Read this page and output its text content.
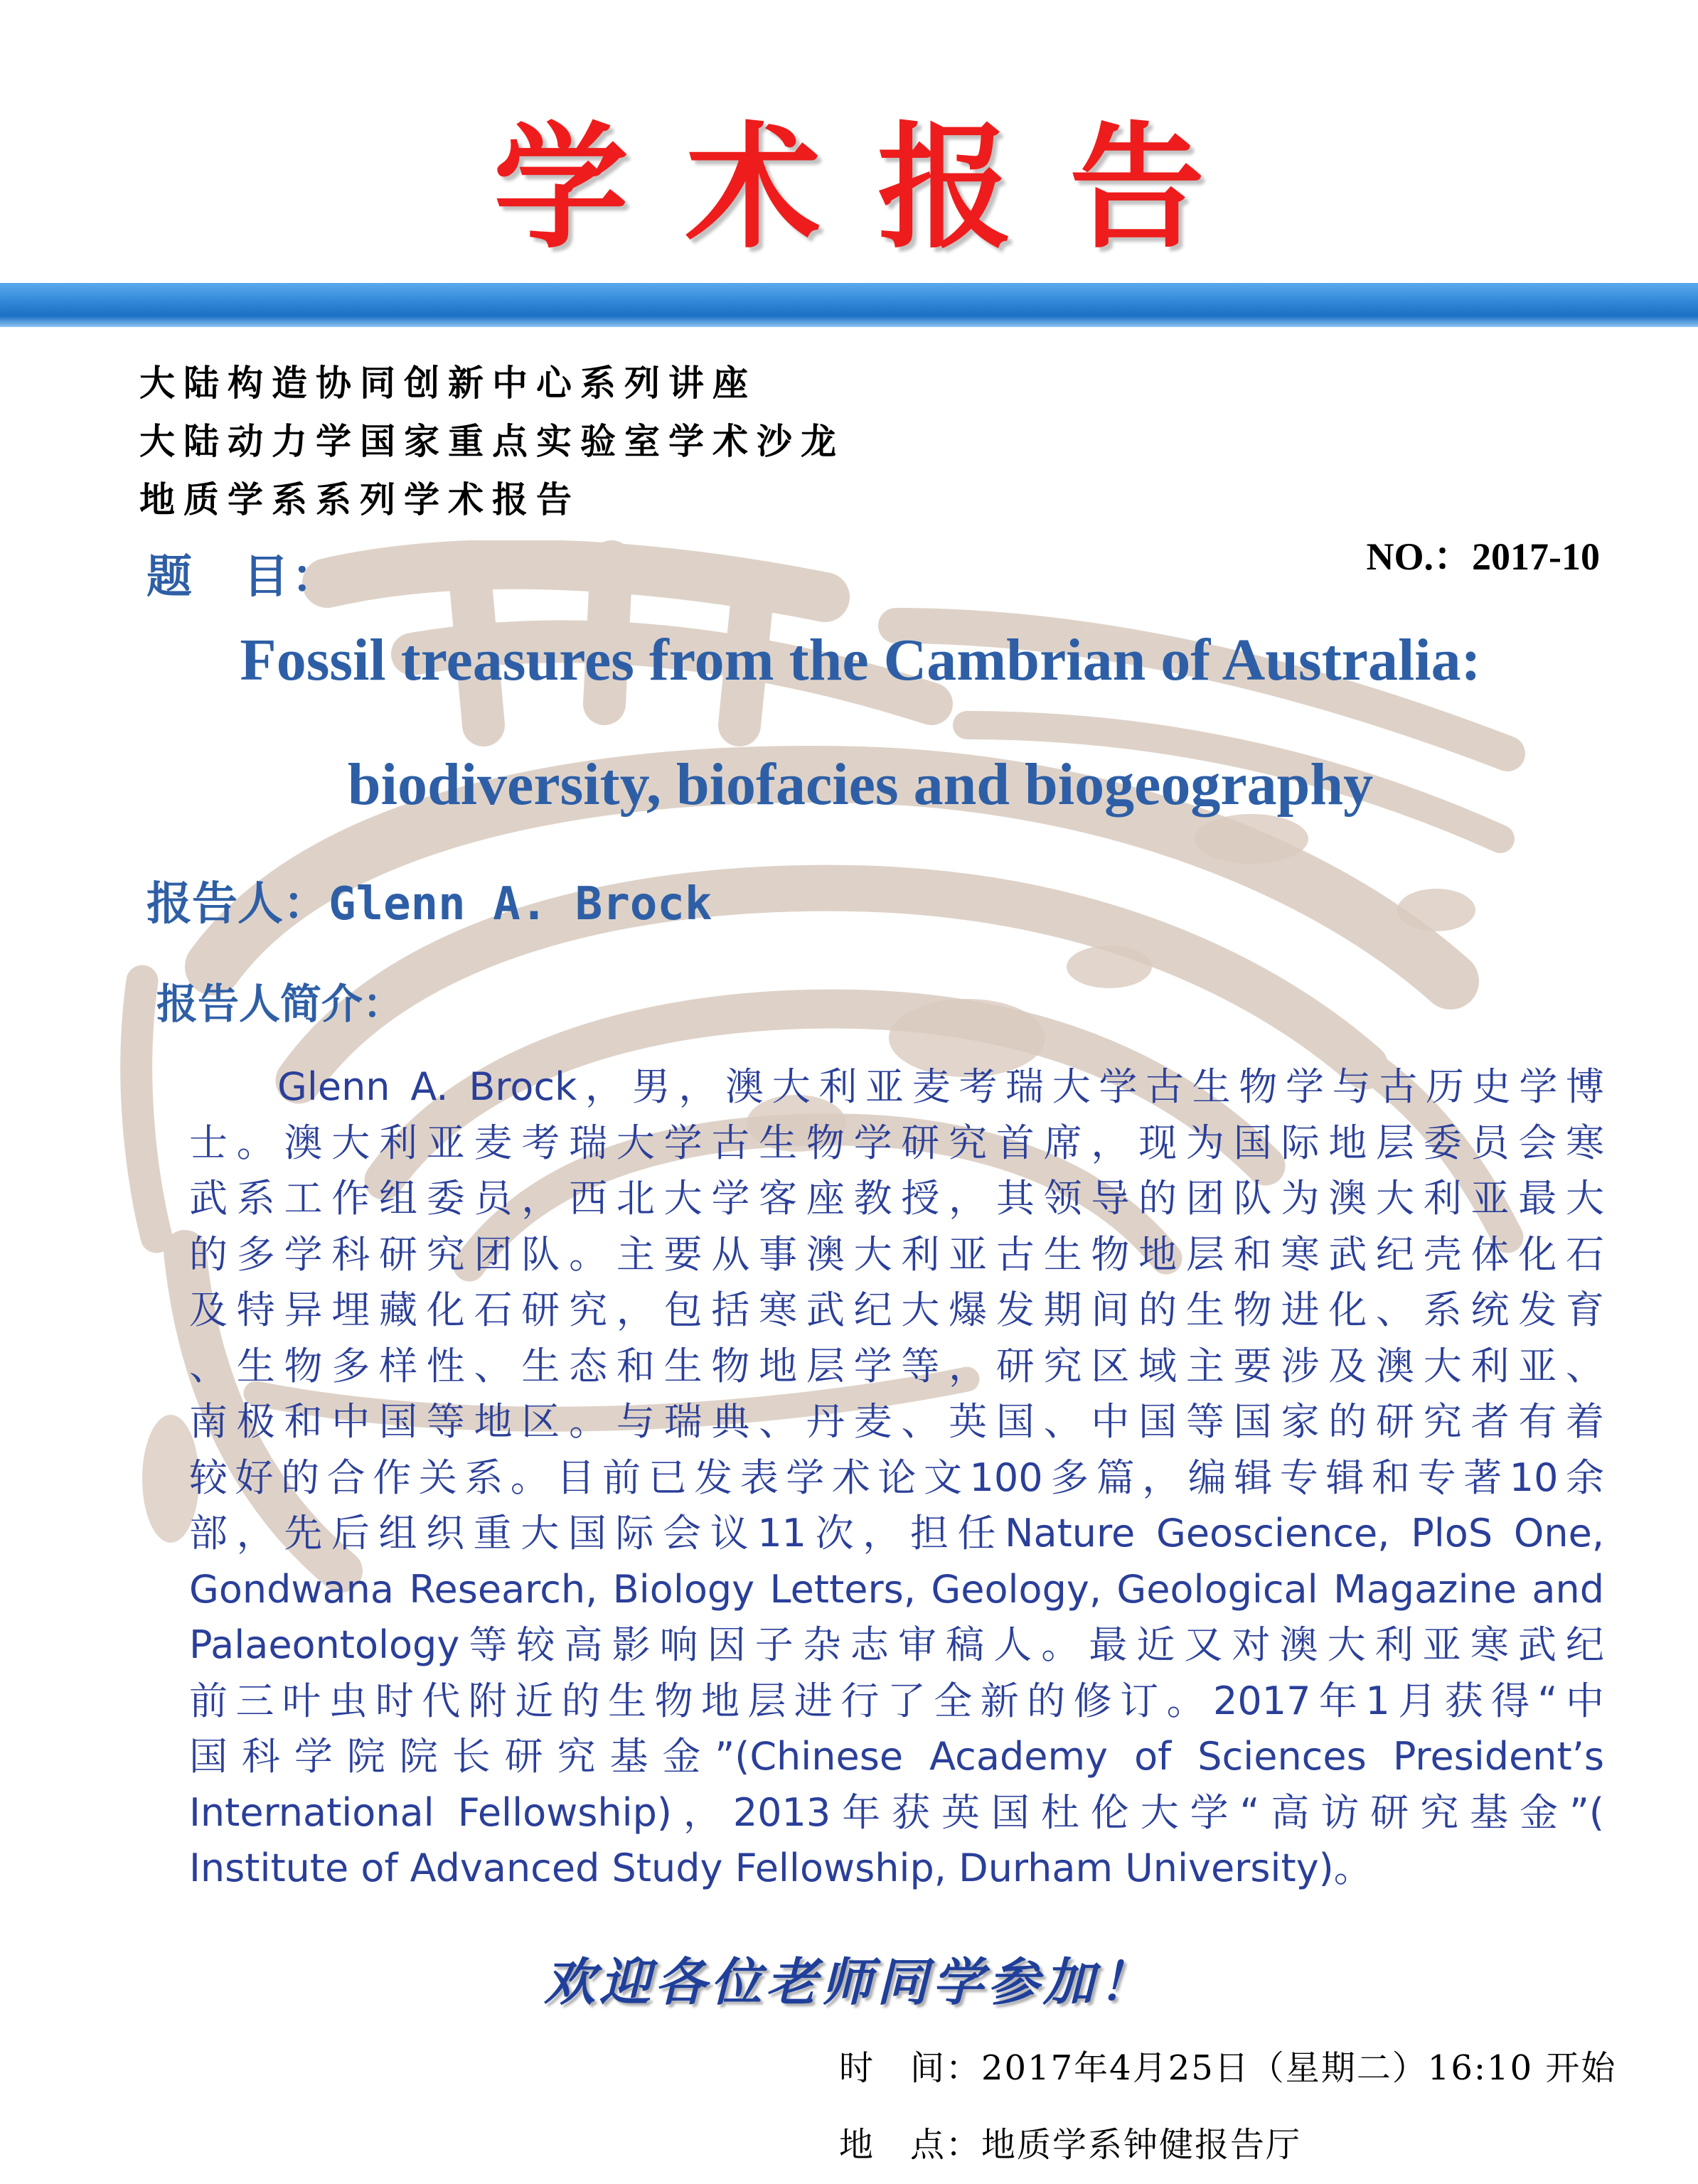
学术报告
大陆构造协同创新中心系列讲座
大陆动力学国家重点实验室学术沙龙
地质学系系列学术报告
NO.：2017-10
题　目：
Fossil treasures from the Cambrian of Australia:
biodiversity, biofacies and biogeography
报告人：Glenn A. Brock
报告人简介：
Glenn A. Brock，男，澳大利亚麦考瑞大学古生物学与古历史学博
士。澳大利亚麦考瑞大学古生物学研究首席，现为国际地层委员会寒
武系工作组委员，西北大学客座教授，其领导的团队为澳大利亚最大
的多学科研究团队。主要从事澳大利亚古生物地层和寒武纪壳体化石
及特异埋藏化石研究，包括寒武纪大爆发期间的生物进化、系统发育
、生物多样性、生态和生物地层学等，研究区域主要涉及澳大利亚、
南极和中国等地区。与瑞典、丹麦、英国、中国等国家的研究者有着
较好的合作关系。目前已发表学术论文100多篇，编辑专辑和专著10余
部，先后组织重大国际会议11次，担任Nature Geoscience, PloS One,
Gondwana Research, Biology Letters, Geology, Geological Magazine and
Palaeontology等较高影响因子杂志审稿人。最近又对澳大利亚寒武纪
前三叶虫时代附近的生物地层进行了全新的修订。2017年1月获得“中
国科学院院长研究基金”(Chinese Academy of Sciences President’s
International Fellowship)，2013年获英国杜伦大学“高访研究基金”(
Institute of Advanced Study Fellowship, Durham University)。
欢迎各位老师同学参加！
时　间：2017年4月25日（星期二）16:10 开始
地　点：地质学系钟健报告厅
